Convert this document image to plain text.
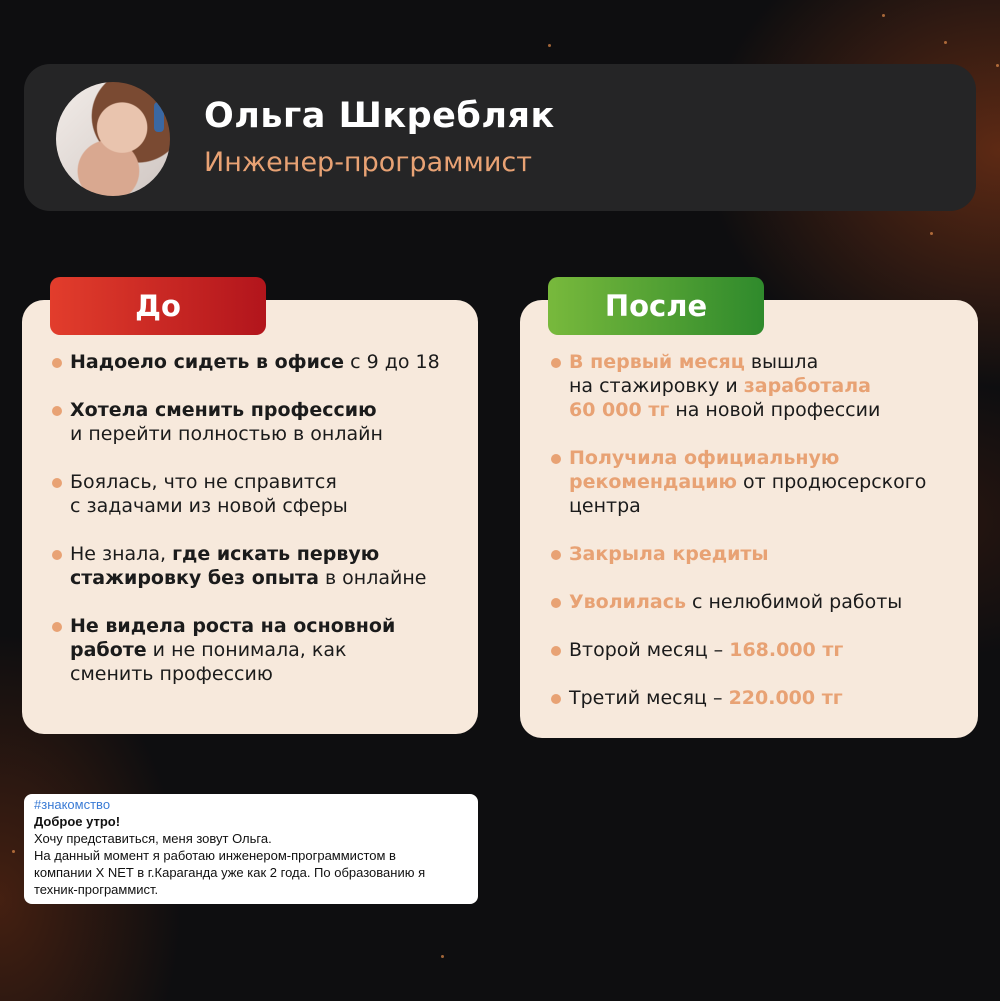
Ольга Шкребляк
Инженер-программист
До
Надоело сидеть в офисе с 9 до 18
Хотела сменить профессию
и перейти полностью в онлайн
Боялась, что не справится
с задачами из новой сферы
Не знала, где искать первую
стажировку без опыта в онлайне
Не видела роста на основной
работе и не понимала, как
сменить профессию
После
В первый месяц вышла
на стажировку и заработала
60 000 тг на новой профессии
Получила официальную
рекомендацию от продюсерского
центра
Закрыла кредиты
Уволилась с нелюбимой работы
Второй месяц – 168.000 тг
Третий месяц – 220.000 тг
#знакомство
Доброе утро!
Хочу представиться, меня зовут Ольга.
На данный момент я работаю инженером-программистом в
компании X NET в г.Караганда уже как 2 года. По образованию я
техник-программист.
